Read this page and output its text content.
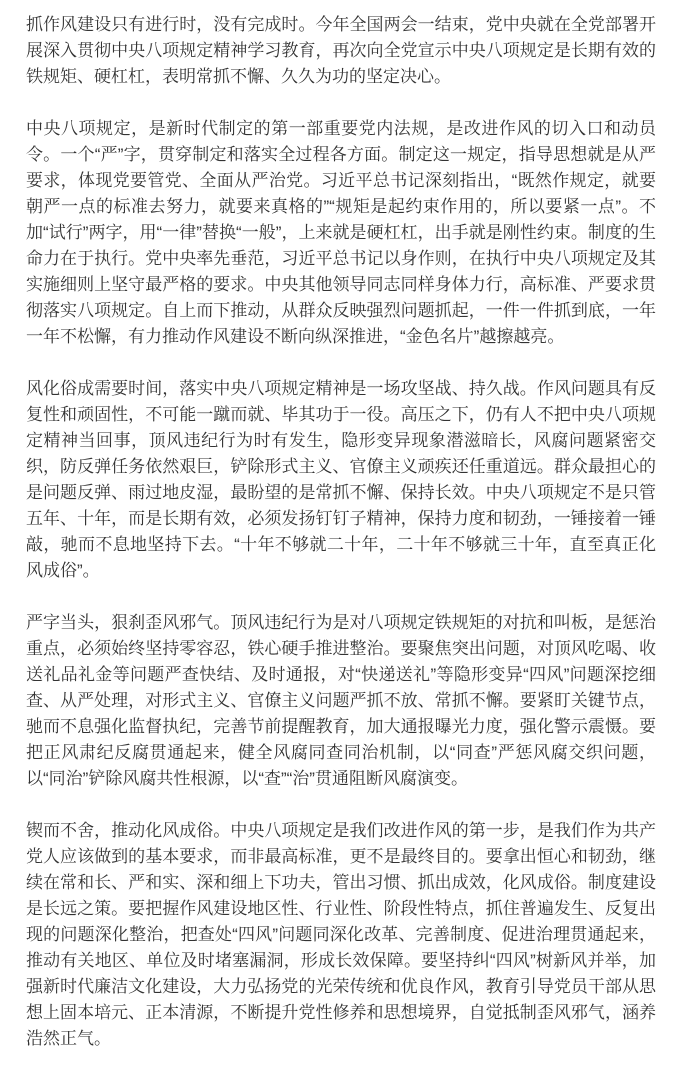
抓作风建设只有进行时，没有完成时。今年全国两会一结束，党中央就在全党部署开展深入贯彻中央八项规定精神学习教育，再次向全党宣示中央八项规定是长期有效的铁规矩、硬杠杠，表明常抓不懈、久久为功的坚定决心。

中央八项规定，是新时代制定的第一部重要党内法规，是改进作风的切入口和动员令。一个“严”字，贯穿制定和落实全过程各方面。制定这一规定，指导思想就是从严要求，体现党要管党、全面从严治党。习近平总书记深刻指出，“既然作规定，就要朝严一点的标准去努力，就要来真格的”“规矩是起约束作用的，所以要紧一点”。不加“试行”两字，用“一律”替换“一般”，上来就是硬杠杠，出手就是刚性约束。制度的生命力在于执行。党中央率先垂范，习近平总书记以身作则，在执行中央八项规定及其实施细则上坚守最严格的要求。中央其他领导同志同样身体力行，高标准、严要求贯彻落实八项规定。自上而下推动，从群众反映强烈问题抓起，一件一件抓到底，一年一年不松懈，有力推动作风建设不断向纵深推进，“金色名片”越擦越亮。

风化俗成需要时间，落实中央八项规定精神是一场攻坚战、持久战。作风问题具有反复性和顽固性，不可能一蹴而就、毕其功于一役。高压之下，仍有人不把中央八项规定精神当回事，顶风违纪行为时有发生，隐形变异现象潜滋暗长，风腐问题紧密交织，防反弹任务依然艰巨，铲除形式主义、官僚主义顽疾还任重道远。群众最担心的是问题反弹、雨过地皮湿，最盼望的是常抓不懈、保持长效。中央八项规定不是只管五年、十年，而是长期有效，必须发扬钉钉子精神，保持力度和韧劲，一锤接着一锤敲，驰而不息地坚持下去。“十年不够就二十年，二十年不够就三十年，直至真正化风成俗”。

严字当头，狠刹歪风邪气。顶风违纪行为是对八项规定铁规矩的对抗和叫板，是惩治重点，必须始终坚持零容忍，铁心硬手推进整治。要聚焦突出问题，对顶风吃喝、收送礼品礼金等问题严查快结、及时通报，对“快递送礼”等隐形变异“四风”问题深挖细查、从严处理，对形式主义、官僚主义问题严抓不放、常抓不懈。要紧盯关键节点，驰而不息强化监督执纪，完善节前提醒教育，加大通报曝光力度，强化警示震慑。要把正风肃纪反腐贯通起来，健全风腐同查同治机制，以“同查”严惩风腐交织问题，以“同治”铲除风腐共性根源，以“查”“治”贯通阻断风腐演变。

锲而不舍，推动化风成俗。中央八项规定是我们改进作风的第一步，是我们作为共产党人应该做到的基本要求，而非最高标准，更不是最终目的。要拿出恒心和韧劲，继续在常和长、严和实、深和细上下功夫，管出习惯、抓出成效，化风成俗。制度建设是长远之策。要把握作风建设地区性、行业性、阶段性特点，抓住普遍发生、反复出现的问题深化整治，把查处“四风”问题同深化改革、完善制度、促进治理贯通起来，推动有关地区、单位及时堵塞漏洞，形成长效保障。要坚持纠“四风”树新风并举，加强新时代廉洁文化建设，大力弘扬党的光荣传统和优良作风，教育引导党员干部从思想上固本培元、正本清源，不断提升党性修养和思想境界，自觉抵制歪风邪气，涵养浩然正气。
